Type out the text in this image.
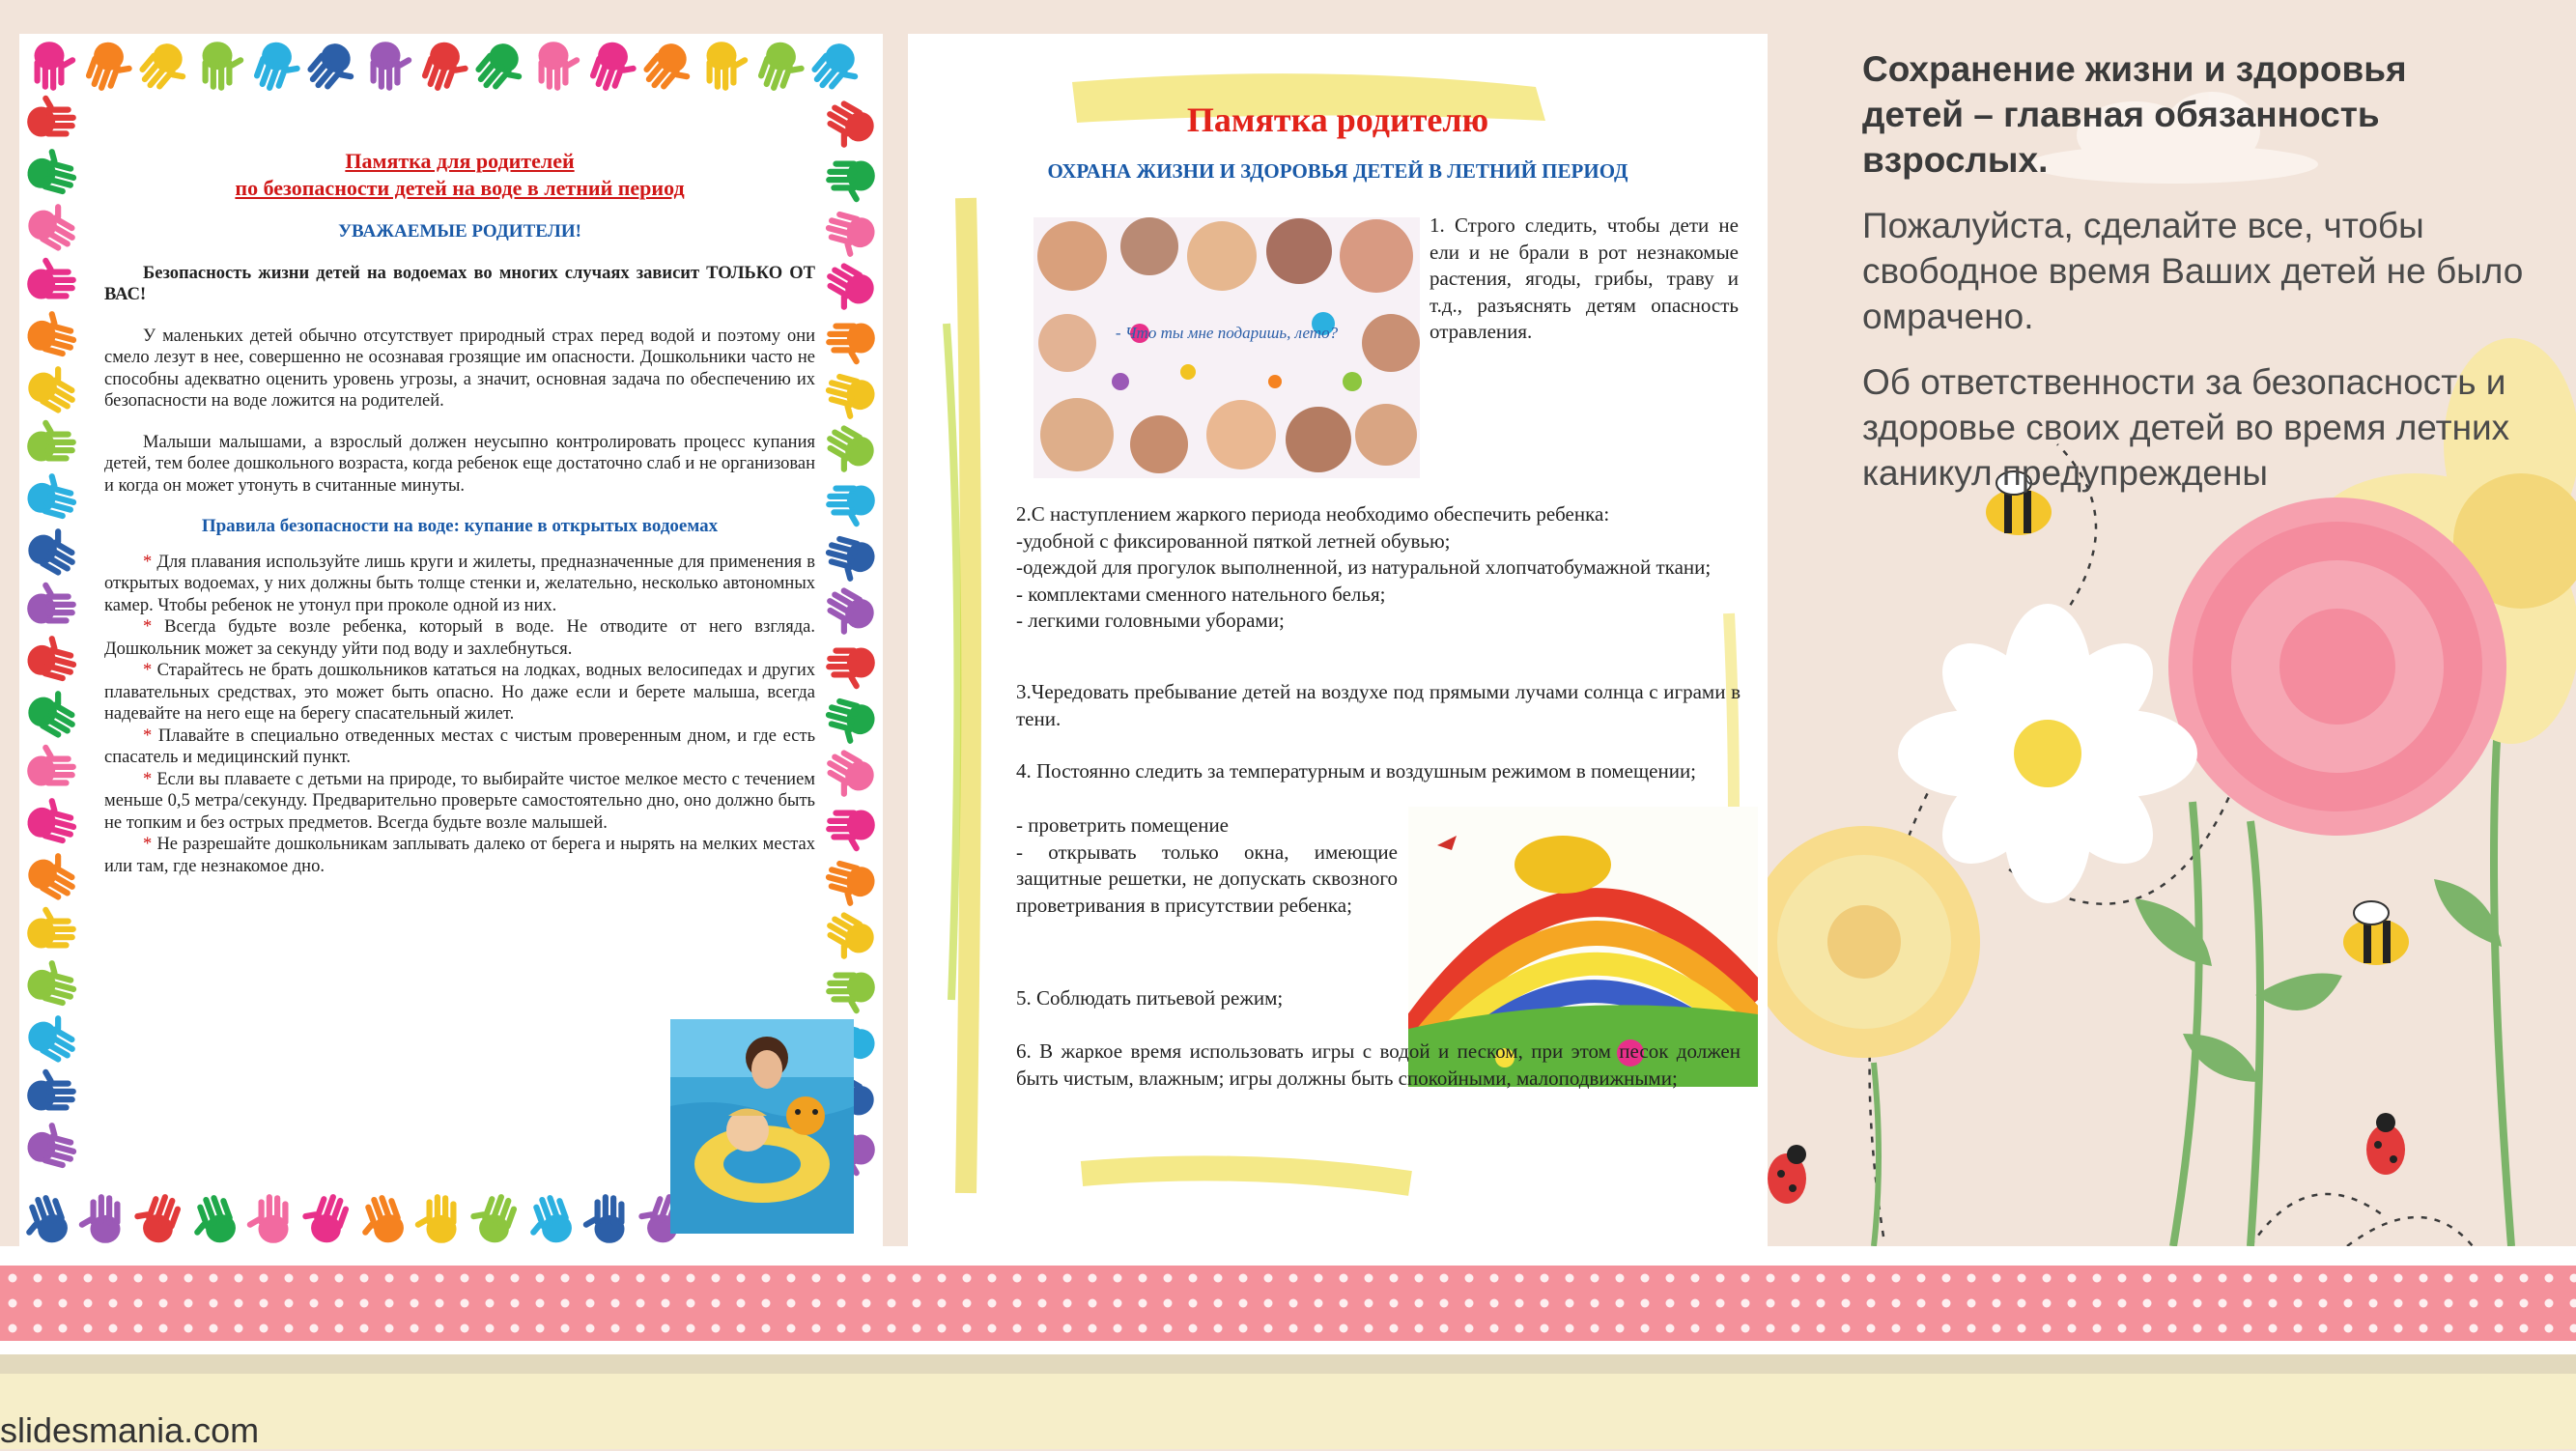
Памятка для родителей
по безопасности детей на воде в летний период
УВАЖАЕМЫЕ РОДИТЕЛИ!

Безопасность жизни детей на водоемах во многих случаях зависит ТОЛЬКО ОТ ВАС!

У маленьких детей обычно отсутствует природный страх перед водой и поэтому они смело лезут в нее, совершенно не осознавая грозящие им опасности. Дошкольники часто не способны адекватно оценить уровень угрозы, а значит, основная задача по обеспечению их безопасности на воде ложится на родителей.

Малыши малышами, а взрослый должен неусыпно контролировать процесс купания детей, тем более дошкольного возраста, когда ребенок еще достаточно слаб и не организован и когда он может утонуть в считанные минуты.

Правила безопасности на воде: купание в открытых водоемах
* Для плавания используйте лишь круги и жилеты, предназначенные для применения в открытых водоемах, у них должны быть толще стенки и, желательно, несколько автономных камер. Чтобы ребенок не утонул при проколе одной из них.
* Всегда будьте возле ребенка, который в воде. Не отводите от него взгляда. Дошкольник может за секунду уйти под воду и захлебнуться.
* Старайтесь не брать дошкольников кататься на лодках, водных велосипедах и других плавательных средствах, это может быть опасно. Но даже если и берете малыша, всегда надевайте на него еще на берегу спасательный жилет.
* Плавайте в специально отведенных местах с чистым проверенным дном, и где есть спасатель и медицинский пункт.
* Если вы плаваете с детьми на природе, то выбирайте чистое мелкое место с течением меньше 0,5 метра/секунду. Предварительно проверьте самостоятельно дно, оно должно быть не топким и без острых предметов. Всегда будьте возле малышей.
* Не разрешайте дошкольникам заплывать далеко от берега и нырять на мелких местах или там, где незнакомое дно.
Памятка родителю
ОХРАНА ЖИЗНИ И ЗДОРОВЬЯ ДЕТЕЙ В ЛЕТНИЙ ПЕРИОД
- Что ты мне подаришь, лето?
1. Строго следить, чтобы дети не ели и не брали в рот незнакомые растения, ягоды, грибы, траву и т.д., разъяснять детям опасность отравления.
2.С наступлением жаркого периода необходимо обеспечить ребенка:
-удобной с фиксированной пяткой летней обувью;
-одеждой для прогулок выполненной, из натуральной хлопчатобумажной ткани;
- комплектами сменного нательного белья;
- легкими головными уборами;
3.Чередовать пребывание детей на воздухе под прямыми лучами солнца с играми в тени.
4. Постоянно следить за температурным и воздушным режимом в помещении;
- проветрить помещение
- открывать только окна, имеющие защитные решетки, не допускать сквозного проветривания в присутствии ребенка;
5. Соблюдать питьевой режим;
6. В жаркое время использовать игры с водой и песком, при этом песок должен быть чистым, влажным; игры должны быть спокойными, малоподвижными;
Сохранение жизни и здоровья детей – главная обязанность взрослых.
Пожалуйста, сделайте все, чтобы свободное время Ваших детей не было омрачено.
Об ответственности за безопасность и здоровье своих детей во время летних каникул предупреждены
slidesmania.com
